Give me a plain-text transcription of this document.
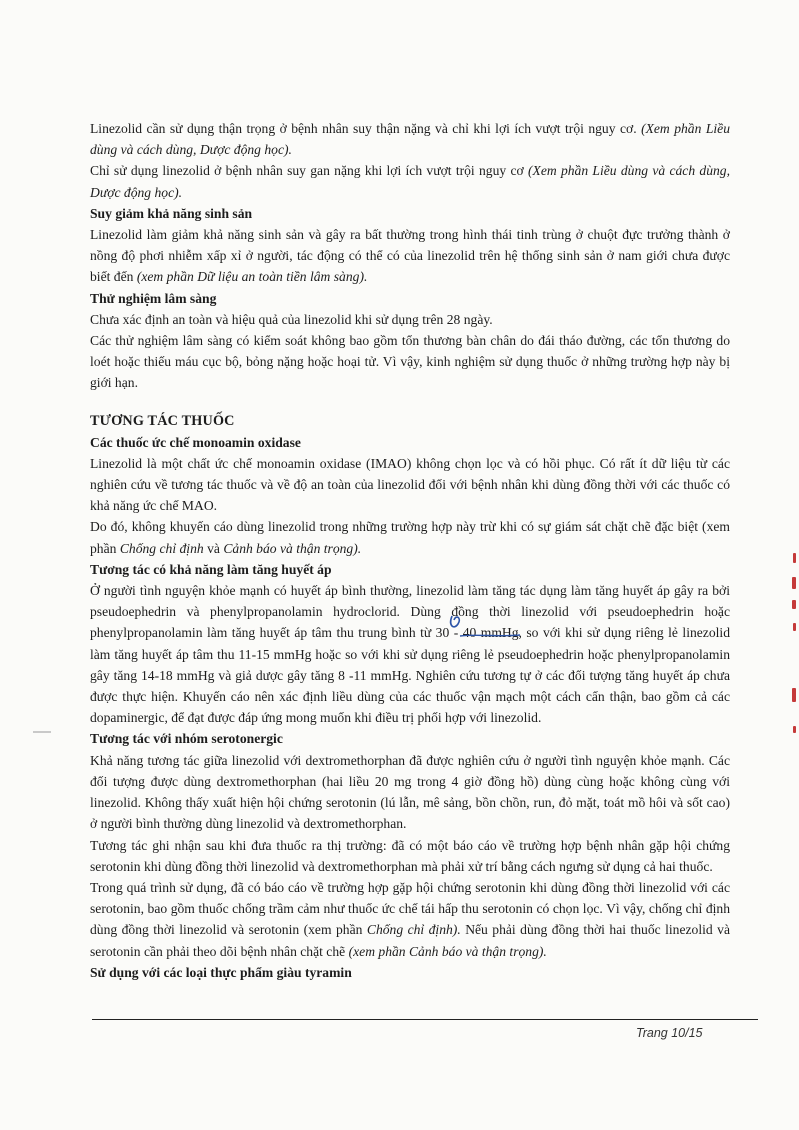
Linezolid cần sử dụng thận trọng ở bệnh nhân suy thận nặng và chỉ khi lợi ích vượt trội nguy cơ. (Xem phần Liều dùng và cách dùng, Dược động học).

Chỉ sử dụng linezolid ở bệnh nhân suy gan nặng khi lợi ích vượt trội nguy cơ (Xem phần Liều dùng và cách dùng, Dược động học).

Suy giảm khả năng sinh sản

Linezolid làm giảm khả năng sinh sản và gây ra bất thường trong hình thái tinh trùng ở chuột đực trưởng thành ở nồng độ phơi nhiễm xấp xỉ ở người, tác động có thể có của linezolid trên hệ thống sinh sản ở nam giới chưa được biết đến (xem phần Dữ liệu an toàn tiền lâm sàng).

Thử nghiệm lâm sàng

Chưa xác định an toàn và hiệu quả của linezolid khi sử dụng trên 28 ngày.

Các thử nghiệm lâm sàng có kiểm soát không bao gồm tổn thương bàn chân do đái tháo đường, các tổn thương do loét hoặc thiếu máu cục bộ, bỏng nặng hoặc hoại tử. Vì vậy, kinh nghiệm sử dụng thuốc ở những trường hợp này bị giới hạn.

TƯƠNG TÁC THUỐC

Các thuốc ức chế monoamin oxidase

Linezolid là một chất ức chế monoamin oxidase (IMAO) không chọn lọc và có hồi phục. Có rất ít dữ liệu từ các nghiên cứu về tương tác thuốc và về độ an toàn của linezolid đối với bệnh nhân khi dùng đồng thời với các thuốc có khả năng ức chế MAO.

Do đó, không khuyến cáo dùng linezolid trong những trường hợp này trừ khi có sự giám sát chặt chẽ đặc biệt (xem phần Chống chỉ định và Cảnh báo và thận trọng).

Tương tác có khả năng làm tăng huyết áp

Ở người tình nguyện khỏe mạnh có huyết áp bình thường, linezolid làm tăng tác dụng làm tăng huyết áp gây ra bởi pseudoephedrin và phenylpropanolamin hydroclorid. Dùng đồng thời linezolid với pseudoephedrin hoặc phenylpropanolamin làm tăng huyết áp tâm thu trung bình từ 30 - 40 mmHg, so với khi sử dụng riêng lẻ linezolid làm tăng huyết áp tâm thu 11-15 mmHg hoặc so với khi sử dụng riêng lẻ pseudoephedrin hoặc phenylpropanolamin gây tăng 14-18 mmHg và giả dược gây tăng 8 -11 mmHg. Nghiên cứu tương tự ở các đối tượng tăng huyết áp chưa được thực hiện. Khuyến cáo nên xác định liều dùng của các thuốc vận mạch một cách cẩn thận, bao gồm cả các dopaminergic, để đạt được đáp ứng mong muốn khi điều trị phối hợp với linezolid.

Tương tác với nhóm serotonergic

Khả năng tương tác giữa linezolid với dextromethorphan đã được nghiên cứu ở người tình nguyện khỏe mạnh. Các đối tượng được dùng dextromethorphan (hai liều 20 mg trong 4 giờ đồng hồ) dùng cùng hoặc không cùng với linezolid. Không thấy xuất hiện hội chứng serotonin (lú lẫn, mê sảng, bồn chồn, run, đỏ mặt, toát mồ hôi và sốt cao) ở người bình thường dùng linezolid và dextromethorphan.

Tương tác ghi nhận sau khi đưa thuốc ra thị trường: đã có một báo cáo về trường hợp bệnh nhân gặp hội chứng serotonin khi dùng đồng thời linezolid và dextromethorphan mà phải xử trí bằng cách ngưng sử dụng cả hai thuốc.

Trong quá trình sử dụng, đã có báo cáo về trường hợp gặp hội chứng serotonin khi dùng đồng thời linezolid với các serotonin, bao gồm thuốc chống trầm cảm như thuốc ức chế tái hấp thu serotonin có chọn lọc. Vì vậy, chống chỉ định dùng đồng thời linezolid và serotonin (xem phần Chống chỉ định). Nếu phải dùng đồng thời hai thuốc linezolid và serotonin cần phải theo dõi bệnh nhân chặt chẽ (xem phần Cảnh báo và thận trọng).

Sử dụng với các loại thực phẩm giàu tyramin

Trang 10/15
